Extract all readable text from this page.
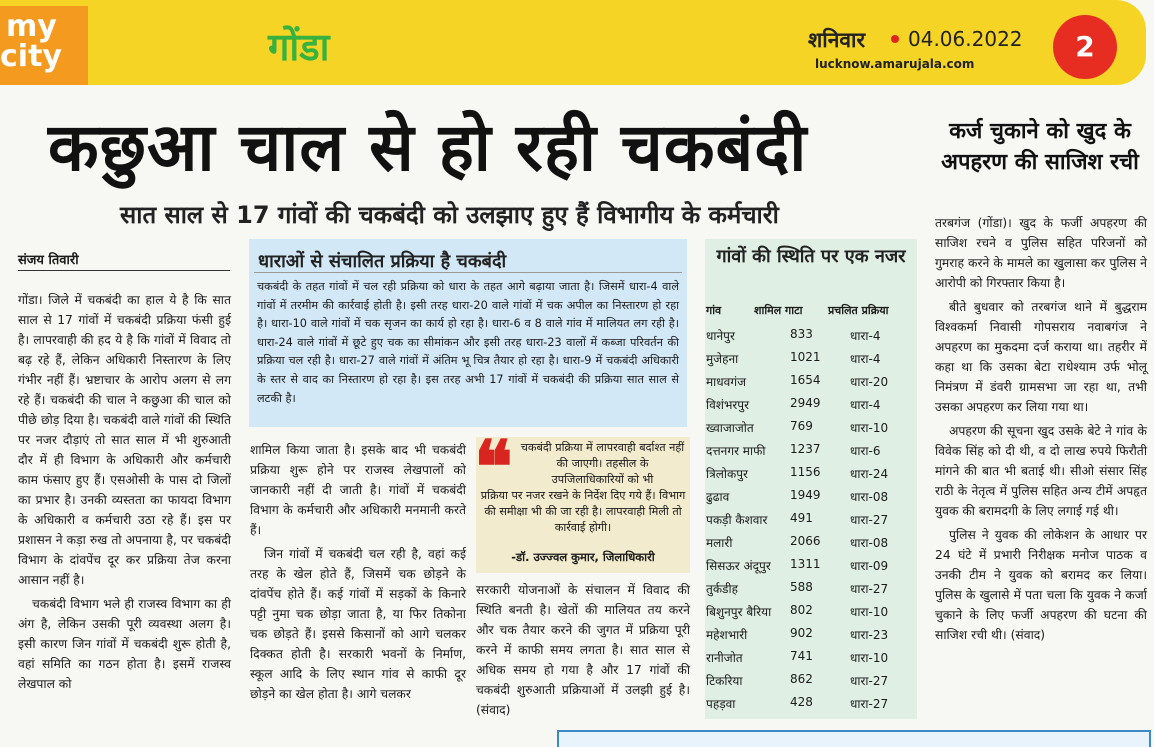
my
city	गोंडा	शनिवार 04.06.2022
lucknow.amarujala.com
2
कछुआ चाल से हो रही चकबंदी
सात साल से 17 गांवों की चकबंदी को उलझाए हुए हैं विभागीय के कर्मचारी
कर्ज चुकाने को खुद के अपहरण की साजिश रची
संजय तिवारी

गोंडा। जिले में चकबंदी का हाल ये है कि सात साल से 17 गांवों में चकबंदी प्रक्रिया फंसी हुई है। लापरवाही की हद ये है कि गांवों में विवाद तो बढ़ रहे हैं, लेकिन अधिकारी निस्तारण के लिए गंभीर नहीं हैं। भ्रष्टाचार के आरोप अलग से लग रहे हैं। चकबंदी की चाल ने कछुआ की चाल को पीछे छोड़ दिया है। चकबंदी वाले गांवों की स्थिति पर नजर दौड़ाएं तो सात साल में भी शुरुआती दौर में ही विभाग के अधिकारी और कर्मचारी काम फंसाए हुए हैं। एसओसी के पास दो जिलों का प्रभार है। उनकी व्यस्तता का फायदा विभाग के अधिकारी व कर्मचारी उठा रहे हैं। इस पर प्रशासन ने कड़ा रुख तो अपनाया है, पर चकबंदी विभाग के दांवपेंच दूर कर प्रक्रिया तेज करना आसान नहीं है।

चकबंदी विभाग भले ही राजस्व विभाग का ही अंग है, लेकिन उसकी पूरी व्यवस्था अलग है। इसी कारण जिन गांवों में चकबंदी शुरू होती है, वहां समिति का गठन होता है। इसमें राजस्व लेखपाल को

धाराओं से संचालित प्रक्रिया है चकबंदी
चकबंदी के तहत गांवों में चल रही प्रक्रिया को धारा के तहत आगे बढ़ाया जाता है। जिसमें धारा-4 वाले गांवों में तरमीम की कार्रवाई होती है। इसी तरह धारा-20 वाले गांवों में चक अपील का निस्तारण हो रहा है। धारा-10 वाले गांवों में चक सृजन का कार्य हो रहा है। धारा-6 व 8 वाले गांव में मालियत लग रही है। धारा-24 वाले गांवों में छूटे हुए चक का सीमांकन और इसी तरह धारा-23 वालों में कब्जा परिवर्तन की प्रक्रिया चल रही है। धारा-27 वाले गांवों में अंतिम भू चित्र तैयार हो रहा है। धारा-9 में चकबंदी अधिकारी के स्तर से वाद का निस्तारण हो रहा है। इस तरह अभी 17 गांवों में चकबंदी की प्रक्रिया सात साल से लटकी है।

शामिल किया जाता है। इसके बाद भी चकबंदी प्रक्रिया शुरू होने पर राजस्व लेखपालों को जानकारी नहीं दी जाती है। गांवों में चकबंदी विभाग के कर्मचारी और अधिकारी मनमानी करते हैं।

जिन गांवों में चकबंदी चल रही है, वहां कई तरह के खेल होते हैं, जिसमें चक छोड़ने के दांवपेंच होते हैं। कई गांवों में सड़कों के किनारे पट्टी नुमा चक छोड़ा जाता है, या फिर तिकोना चक छोड़ते हैं। इससे किसानों को आगे चलकर दिक्कत होती है। सरकारी भवनों के निर्माण, स्कूल आदि के लिए स्थान गांव से काफी दूर छोड़ने का खेल होता है। आगे चलकर

❝ चकबंदी प्रक्रिया में लापरवाही बर्दाश्त नहीं की जाएगी। तहसील के उपजिलाधिकारियों को भी
प्रक्रिया पर नजर रखने के निर्देश दिए गये हैं। विभाग की समीक्षा भी की जा रही है। लापरवाही मिली तो कार्रवाई होगी।
-डॉ. उज्ज्वल कुमार, जिलाधिकारी

सरकारी योजनाओं के संचालन में विवाद की स्थिति बनती है। खेतों की मालियत तय करने और चक तैयार करने की जुगत में प्रक्रिया पूरी करने में काफी समय लगता है। सात साल से अधिक समय हो गया है और 17 गांवों की चकबंदी शुरुआती प्रक्रियाओं में उलझी हुई है। (संवाद)

गांवों की स्थिति पर एक नजर
गांव	शामिल गाटा प्रचलित प्रक्रिया
धानेपुर	833	धारा-4
मुजेहना	1021 धारा-4
माधवगंज	1654 धारा-20
विशंभरपुर	2949 धारा-4
ख्वाजाजोत	769	धारा-10
दत्तनगर माफी 1237 धारा-6
त्रिलोकपुर	1156 धारा-24
ढुढाव	1949 धारा-08
पकड़ी कैशवार 491	धारा-27
मलारी	2066 धारा-08
सिसऊर अंदूपुर 1311 धारा-09
तुर्कडीह	588	धारा-27
बिशुनपुर बैरिया 802	धारा-10
महेशभारी	902	धारा-23
रानीजोत	741	धारा-10
टिकरिया	862	धारा-27
पहड़वा	428	धारा-27

तरबगंज (गोंडा)। खुद के फर्जी अपहरण की साजिश रचने व पुलिस सहित परिजनों को गुमराह करने के मामले का खुलासा कर पुलिस ने आरोपी को गिरफ्तार किया है।

बीते बुधवार को तरबगंज थाने में बुद्धराम विश्वकर्मा निवासी गोपसराय नवाबगंज ने अपहरण का मुकदमा दर्ज कराया था। तहरीर में कहा था कि उसका बेटा राधेश्याम उर्फ भोलू निमंत्रण में डंवरी ग्रामसभा जा रहा था, तभी उसका अपहरण कर लिया गया था।

अपहरण की सूचना खुद उसके बेटे ने गांव के विवेक सिंह को दी थी, व दो लाख रुपये फिरौती मांगने की बात भी बताई थी। सीओ संसार सिंह राठी के नेतृत्व में पुलिस सहित अन्य टीमें अपहृत युवक की बरामदगी के लिए लगाई गई थी।

पुलिस ने युवक की लोकेशन के आधार पर 24 घंटे में प्रभारी निरीक्षक मनोज पाठक व उनकी टीम ने युवक को बरामद कर लिया। पुलिस के खुलासे में पता चला कि युवक ने कर्जा चुकाने के लिए फर्जी अपहरण की घटना की साजिश रची थी। (संवाद)
